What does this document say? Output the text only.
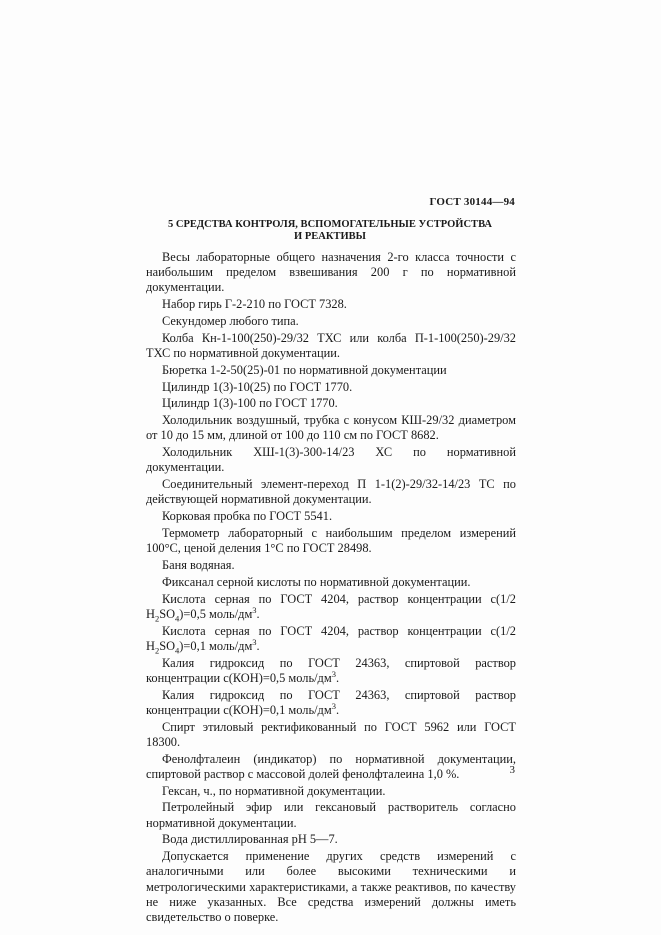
ГОСТ 30144—94
5 СРЕДСТВА КОНТРОЛЯ, ВСПОМОГАТЕЛЬНЫЕ УСТРОЙСТВА
И РЕАКТИВЫ

Весы лабораторные общего назначения 2-го класса точности с наибольшим пределом взвешивания 200 г по нормативной документации.

Набор гирь Г-2-210 по ГОСТ 7328.

Секундомер любого типа.

Колба Кн-1-100(250)-29/32 ТХС или колба П-1-100(250)-29/32 ТХС по нормативной документации.

Бюретка 1-2-50(25)-01 по нормативной документации

Цилиндр 1(3)-10(25) по ГОСТ 1770.

Цилиндр 1(3)-100 по ГОСТ 1770.

Холодильник воздушный, трубка с конусом КШ-29/32 диаметром от 10 до 15 мм, длиной от 100 до 110 см по ГОСТ 8682.

Холодильник ХШ-1(3)-300-14/23 ХС по нормативной документации.

Соединительный элемент-переход П 1-1(2)-29/32-14/23 ТС по действующей нормативной документации.

Корковая пробка по ГОСТ 5541.

Термометр лабораторный с наибольшим пределом измерений 100°С, ценой деления 1°С по ГОСТ 28498.

Баня водяная.

Фиксанал серной кислоты по нормативной документации.

Кислота серная по ГОСТ 4204, раствор концентрации с(1/2 $H_2SO_4)=0,5$ моль/$дм^3$.

Кислота серная по ГОСТ 4204, раствор концентрации с(1/2 $H_2SO_4)=0,1$ моль/$дм^3$.

Калия гидроксид по ГОСТ 24363, спиртовой раствор концентрации с(КОН)=0,5 моль/$дм^3$.

Калия гидроксид по ГОСТ 24363, спиртовой раствор концентрации с(КОН)=0,1 моль/$дм^3$.

Спирт этиловый ректификованный по ГОСТ 5962 или ГОСТ 18300.

Фенолфталеин (индикатор) по нормативной документации, спиртовой раствор с массовой долей фенолфталеина 1,0 %.

Гексан, ч., по нормативной документации.

Петролейный эфир или гексановый растворитель согласно нормативной документации.

Вода дистиллированная pH 5—7.

Допускается применение других средств измерений с аналогичными или более высокими техническими и метрологическими характеристиками, а также реактивов, по качеству не ниже указанных. Все средства измерений должны иметь свидетельство о поверке.

3
